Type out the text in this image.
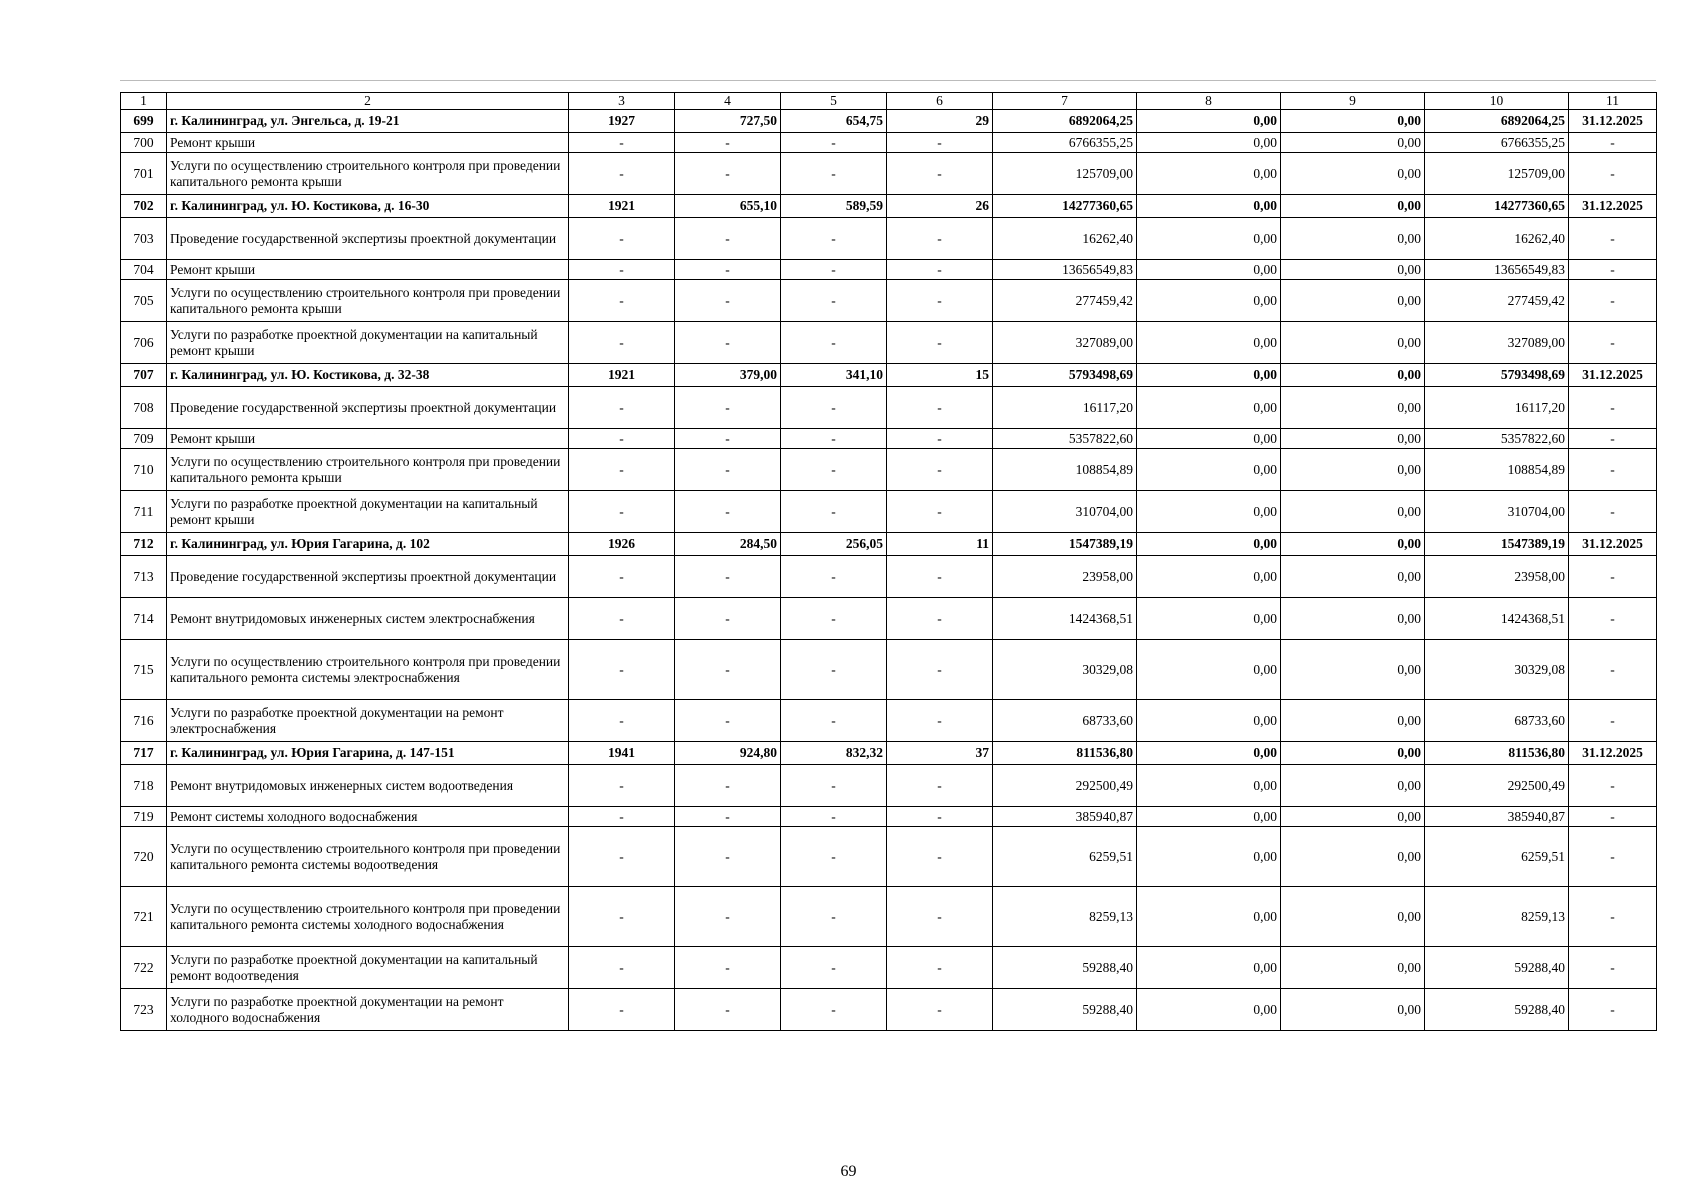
1	2	3	4	5	6	7	8	9	10	11
699	г. Калининград, ул. Энгельса, д. 19-21	1927	727,50	654,75	29	6892064,25	0,00	0,00	6892064,25	31.12.2025
700	Ремонт крыши	-	-	-	-	6766355,25	0,00	0,00	6766355,25	-
701	Услуги по осуществлению строительного контроля при проведении капитального ремонта крыши	-	-	-	-	125709,00	0,00	0,00	125709,00	-
702	г. Калининград, ул. Ю. Костикова, д. 16-30	1921	655,10	589,59	26	14277360,65	0,00	0,00	14277360,65	31.12.2025
703	Проведение государственной экспертизы проектной документации	-	-	-	-	16262,40	0,00	0,00	16262,40	-
704	Ремонт крыши	-	-	-	-	13656549,83	0,00	0,00	13656549,83	-
705	Услуги по осуществлению строительного контроля при проведении капитального ремонта крыши	-	-	-	-	277459,42	0,00	0,00	277459,42	-
706	Услуги по разработке проектной документации на капитальный ремонт крыши	-	-	-	-	327089,00	0,00	0,00	327089,00	-
707	г. Калининград, ул. Ю. Костикова, д. 32-38	1921	379,00	341,10	15	5793498,69	0,00	0,00	5793498,69	31.12.2025
708	Проведение государственной экспертизы проектной документации	-	-	-	-	16117,20	0,00	0,00	16117,20	-
709	Ремонт крыши	-	-	-	-	5357822,60	0,00	0,00	5357822,60	-
710	Услуги по осуществлению строительного контроля при проведении капитального ремонта крыши	-	-	-	-	108854,89	0,00	0,00	108854,89	-
711	Услуги по разработке проектной документации на капитальный ремонт крыши	-	-	-	-	310704,00	0,00	0,00	310704,00	-
712	г. Калининград, ул. Юрия Гагарина, д. 102	1926	284,50	256,05	11	1547389,19	0,00	0,00	1547389,19	31.12.2025
713	Проведение государственной экспертизы проектной документации	-	-	-	-	23958,00	0,00	0,00	23958,00	-
714	Ремонт внутридомовых инженерных систем электроснабжения	-	-	-	-	1424368,51	0,00	0,00	1424368,51	-
715	Услуги по осуществлению строительного контроля при проведении капитального ремонта системы электроснабжения	-	-	-	-	30329,08	0,00	0,00	30329,08	-
716	Услуги по разработке проектной документации на ремонт электроснабжения	-	-	-	-	68733,60	0,00	0,00	68733,60	-
717	г. Калининград, ул. Юрия Гагарина, д. 147-151	1941	924,80	832,32	37	811536,80	0,00	0,00	811536,80	31.12.2025
718	Ремонт внутридомовых инженерных систем водоотведения	-	-	-	-	292500,49	0,00	0,00	292500,49	-
719	Ремонт системы холодного водоснабжения	-	-	-	-	385940,87	0,00	0,00	385940,87	-
720	Услуги по осуществлению строительного контроля при проведении капитального ремонта системы водоотведения	-	-	-	-	6259,51	0,00	0,00	6259,51	-
721	Услуги по осуществлению строительного контроля при проведении капитального ремонта системы холодного водоснабжения	-	-	-	-	8259,13	0,00	0,00	8259,13	-
722	Услуги по разработке проектной документации на капитальный ремонт водоотведения	-	-	-	-	59288,40	0,00	0,00	59288,40	-
723	Услуги по разработке проектной документации на ремонт холодного водоснабжения	-	-	-	-	59288,40	0,00	0,00	59288,40	-
69
